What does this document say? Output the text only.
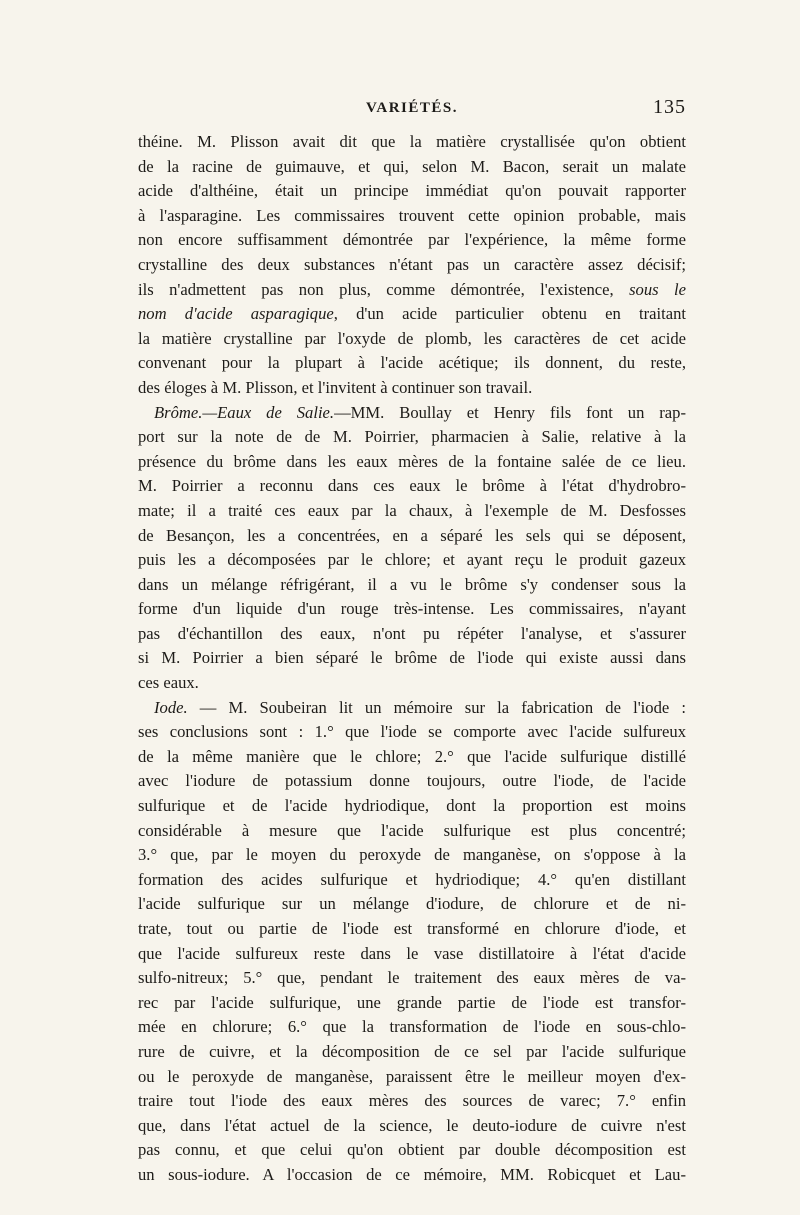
VARIÉTÉS.	135
théine. M. Plisson avait dit que la matière crystallisée qu'on obtient
de la racine de guimauve, et qui, selon M. Bacon, serait un malate
acide d'althéine, était un principe immédiat qu'on pouvait rapporter
à l'asparagine. Les commissaires trouvent cette opinion probable, mais
non encore suffisamment démontrée par l'expérience, la même forme
crystalline des deux substances n'étant pas un caractère assez décisif;
ils n'admettent pas non plus, comme démontrée, l'existence, sous le
nom d'acide asparagique, d'un acide particulier obtenu en traitant
la matière crystalline par l'oxyde de plomb, les caractères de cet acide
convenant pour la plupart à l'acide acétique; ils donnent, du reste,
des éloges à M. Plisson, et l'invitent à continuer son travail.
Brôme.—Eaux de Salie.—MM. Boullay et Henry fils font un rap-
port sur la note de de M. Poirrier, pharmacien à Salie, relative à la
présence du brôme dans les eaux mères de la fontaine salée de ce lieu.
M. Poirrier a reconnu dans ces eaux le brôme à l'état d'hydrobro-
mate; il a traité ces eaux par la chaux, à l'exemple de M. Desfosses
de Besançon, les a concentrées, en a séparé les sels qui se déposent,
puis les a décomposées par le chlore; et ayant reçu le produit gazeux
dans un mélange réfrigérant, il a vu le brôme s'y condenser sous la
forme d'un liquide d'un rouge très-intense. Les commissaires, n'ayant
pas d'échantillon des eaux, n'ont pu répéter l'analyse, et s'assurer
si M. Poirrier a bien séparé le brôme de l'iode qui existe aussi dans
ces eaux.
Iode. — M. Soubeiran lit un mémoire sur la fabrication de l'iode :
ses conclusions sont : 1.° que l'iode se comporte avec l'acide sulfureux
de la même manière que le chlore; 2.° que l'acide sulfurique distillé
avec l'iodure de potassium donne toujours, outre l'iode, de l'acide
sulfurique et de l'acide hydriodique, dont la proportion est moins
considérable à mesure que l'acide sulfurique est plus concentré;
3.° que, par le moyen du peroxyde de manganèse, on s'oppose à la
formation des acides sulfurique et hydriodique; 4.° qu'en distillant
l'acide sulfurique sur un mélange d'iodure, de chlorure et de ni-
trate, tout ou partie de l'iode est transformé en chlorure d'iode, et
que l'acide sulfureux reste dans le vase distillatoire à l'état d'acide
sulfo-nitreux; 5.° que, pendant le traitement des eaux mères de va-
rec par l'acide sulfurique, une grande partie de l'iode est transfor-
mée en chlorure; 6.° que la transformation de l'iode en sous-chlo-
rure de cuivre, et la décomposition de ce sel par l'acide sulfurique
ou le peroxyde de manganèse, paraissent être le meilleur moyen d'ex-
traire tout l'iode des eaux mères des sources de varec; 7.° enfin
que, dans l'état actuel de la science, le deuto-iodure de cuivre n'est
pas connu, et que celui qu'on obtient par double décomposition est
un sous-iodure. A l'occasion de ce mémoire, MM. Robicquet et Lau-
